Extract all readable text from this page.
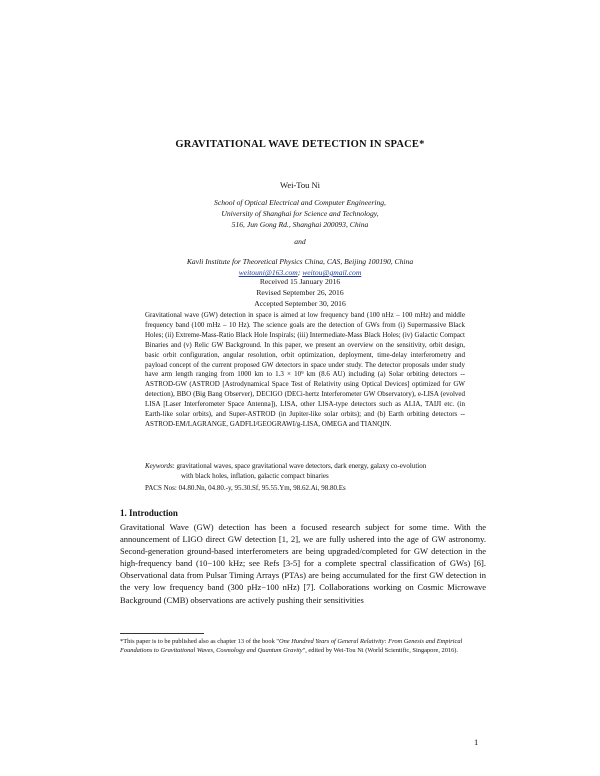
GRAVITATIONAL WAVE DETECTION IN SPACE*
Wei-Tou Ni
School of Optical Electrical and Computer Engineering,
University of Shanghai for Science and Technology,
516, Jun Gong Rd., Shanghai 200093, China
and
Kavli Institute for Theoretical Physics China, CAS, Beijing 100190, China
weitouni@163.com; weitou@gmail.com
Received 15 January 2016
Revised September 26, 2016
Accepted September 30, 2016
Gravitational wave (GW) detection in space is aimed at low frequency band (100 nHz – 100 mHz) and middle frequency band (100 mHz – 10 Hz). The science goals are the detection of GWs from (i) Supermassive Black Holes; (ii) Extreme-Mass-Ratio Black Hole Inspirals; (iii) Intermediate-Mass Black Holes; (iv) Galactic Compact Binaries and (v) Relic GW Background. In this paper, we present an overview on the sensitivity, orbit design, basic orbit configuration, angular resolution, orbit optimization, deployment, time-delay interferometry and payload concept of the current proposed GW detectors in space under study. The detector proposals under study have arm length ranging from 1000 km to 1.3 × 10⁹ km (8.6 AU) including (a) Solar orbiting detectors -- ASTROD-GW (ASTROD [Astrodynamical Space Test of Relativity using Optical Devices] optimized for GW detection), BBO (Big Bang Observer), DECIGO (DECi-hertz Interferometer GW Observatory), e-LISA (evolved LISA [Laser Interferometer Space Antenna]), LISA, other LISA-type detectors such as ALIA, TAIJI etc. (in Earth-like solar orbits), and Super-ASTROD (in Jupiter-like solar orbits); and (b) Earth orbiting detectors -- ASTROD-EM/LAGRANGE, GADFLI/GEOGRAWI/g-LISA, OMEGA and TIANQIN.
Keywords: gravitational waves, space gravitational wave detectors, dark energy, galaxy co-evolution
with black holes, inflation, galactic compact binaries
PACS Nos: 04.80.Nn, 04.80.-y, 95.30.Sf, 95.55.Ym, 98.62.Ai, 98.80.Es
1. Introduction

Gravitational Wave (GW) detection has been a focused research subject for some time. With the announcement of LIGO direct GW detection [1, 2], we are fully ushered into the age of GW astronomy. Second-generation ground-based interferometers are being upgraded/completed for GW detection in the high-frequency band (10−100 kHz; see Refs [3-5] for a complete spectral classification of GWs) [6]. Observational data from Pulsar Timing Arrays (PTAs) are being accumulated for the first GW detection in the very low frequency band (300 pHz−100 nHz) [7]. Collaborations working on Cosmic Microwave Background (CMB) observations are actively pushing their sensitivities

*This paper is to be published also as chapter 13 of the book "One Hundred Years of General Relativity: From Genesis and Empirical Foundations to Gravitational Waves, Cosmology and Quantum Gravity", edited by Wei-Tou Ni (World Scientific, Singapore, 2016).
1
